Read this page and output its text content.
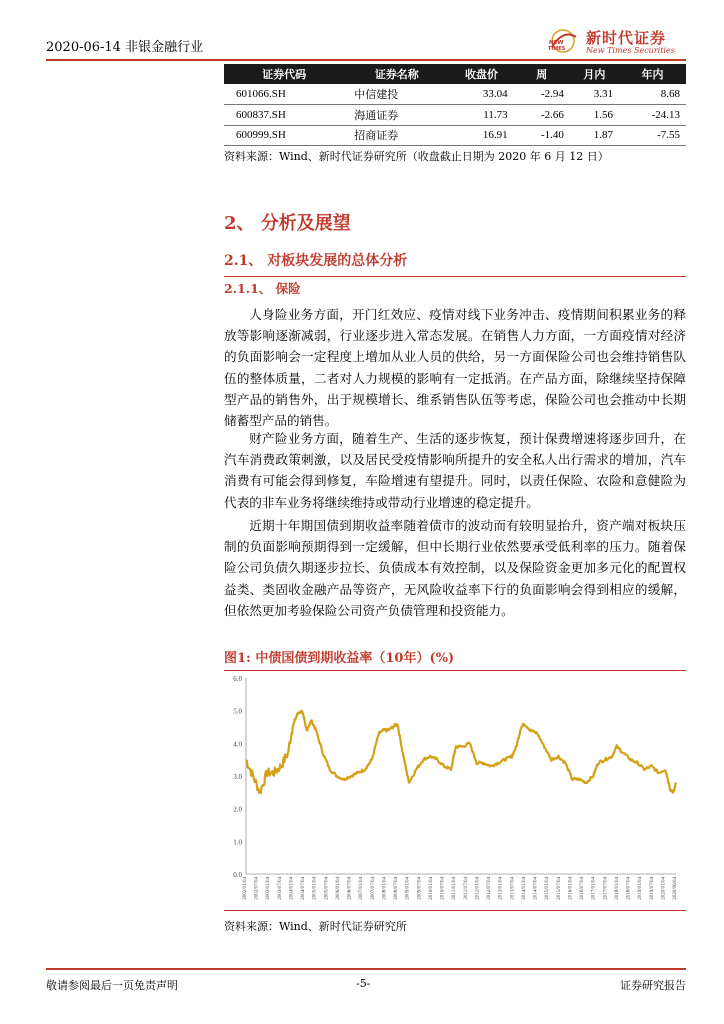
2020-06-14 非银金融行业	NEW
TIMES
新时代证券
New Times Securities
证券代码	证券名称	收盘价	周	月内	年内
601066.SH	中信建投	33.04	-2.94	3.31	8.68
600837.SH	海通证券	11.73	-2.66	1.56	-24.13
600999.SH	招商证券	16.91	-1.40	1.87	-7.55
资料来源：Wind、新时代证券研究所（收盘截止日期为 2020 年 6 月 12 日）
2、 分析及展望
2.1、 对板块发展的总体分析
2.1.1、 保险

人身险业务方面，开门红效应、疫情对线下业务冲击、疫情期间积累业务的释放等影响逐渐减弱，行业逐步进入常态发展。在销售人力方面，一方面疫情对经济的负面影响会一定程度上增加从业人员的供给，另一方面保险公司也会维持销售队伍的整体质量，二者对人力规模的影响有一定抵消。在产品方面，除继续坚持保障型产品的销售外，出于规模增长、维系销售队伍等考虑，保险公司也会推动中长期储蓄型产品的销售。

财产险业务方面，随着生产、生活的逐步恢复，预计保费增速将逐步回升，在汽车消费政策刺激，以及居民受疫情影响所提升的安全私人出行需求的增加，汽车消费有可能会得到修复，车险增速有望提升。同时，以责任保险、农险和意健险为代表的非车业务将继续维持或带动行业增速的稳定提升。

近期十年期国债到期收益率随着债市的波动而有较明显抬升，资产端对板块压制的负面影响预期得到一定缓解，但中长期行业依然要承受低利率的压力。随着保险公司负债久期逐步拉长、负债成本有效控制，以及保险资金更加多元化的配置权益类、类固收金融产品等资产，无风险收益率下行的负面影响会得到相应的缓解，但依然更加考验保险公司资产负债管理和投资能力。

图1: 中债国债到期收益率（10年）(%)
0.0
1.0
2.0
3.0
4.0
5.0
6.0
2002/01/04 2002/07/04 2003/01/04 2003/07/04 2004/01/04 2004/07/04 2005/01/04 2005/07/04 2006/01/04 2006/07/04 2007/01/04 2007/07/04 2008/01/04 2008/07/04 2009/01/04 2009/07/04 2010/01/04 2010/07/04 2011/01/04 2011/07/04 2012/01/04 2012/07/04 2013/01/04 2013/07/04 2014/01/04 2014/07/04 2015/01/04 2015/07/04 2016/01/04 2016/07/04 2017/01/04 2017/07/04 2018/01/04 2018/07/04 2019/01/04 2019/07/04 2020/01/04 2020/06/04
资料来源：Wind、新时代证券研究所
敬请参阅最后一页免责声明	-5-	证券研究报告
